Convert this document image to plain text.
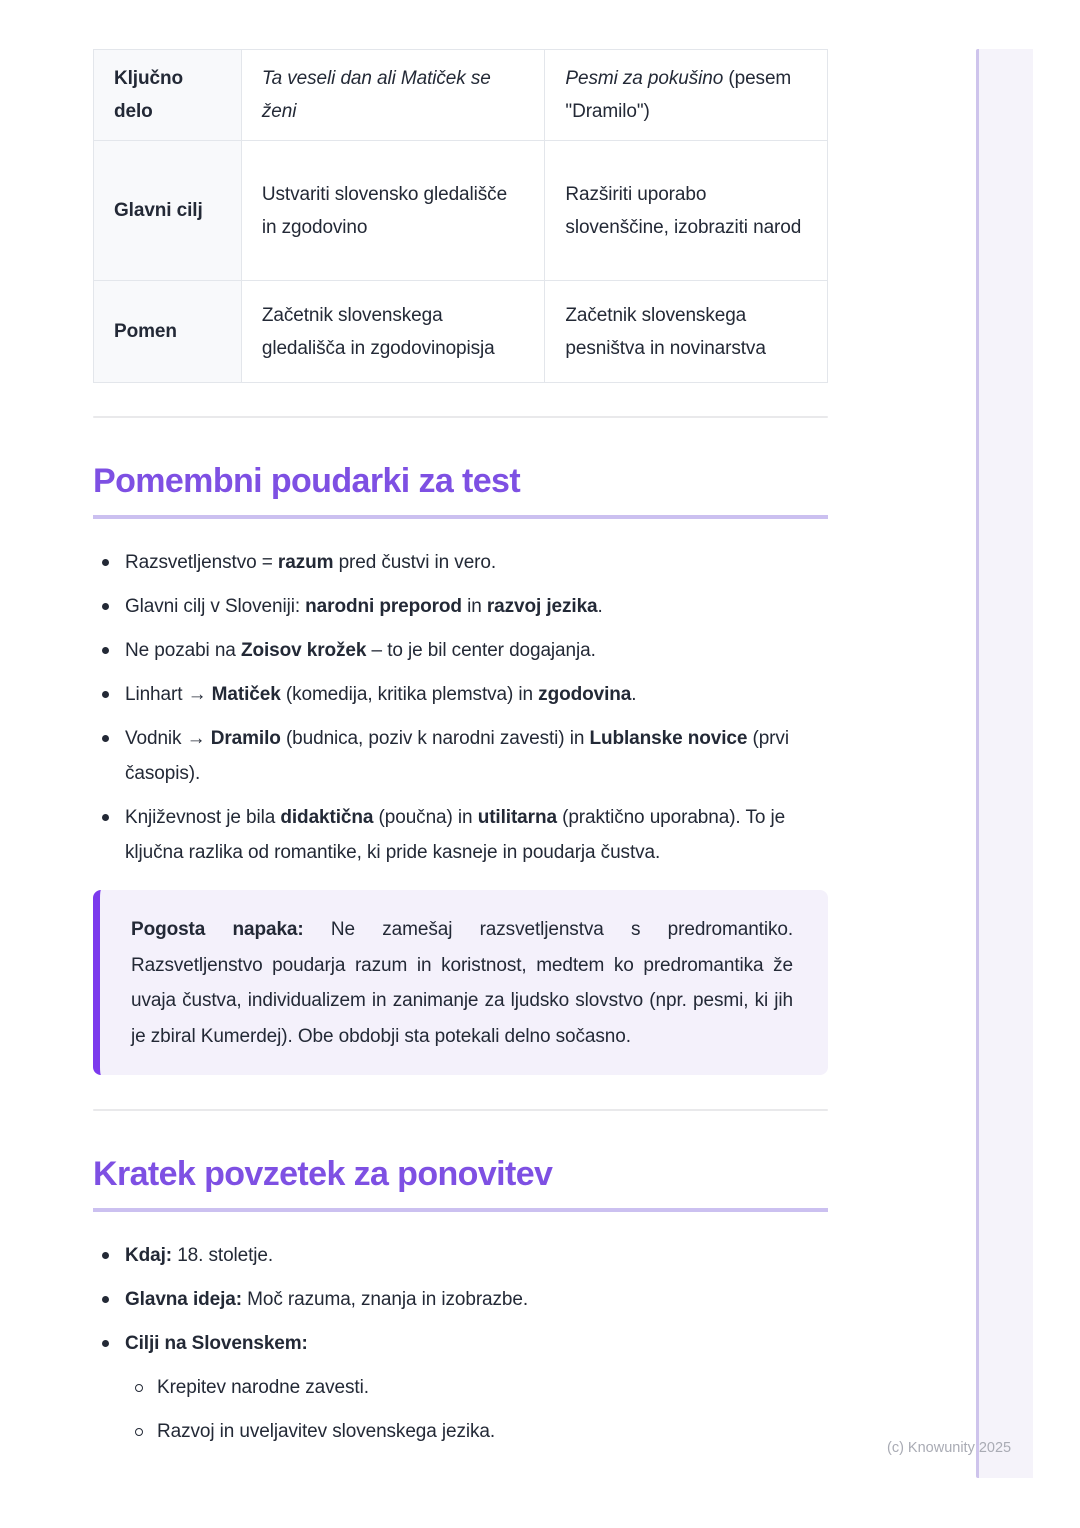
Ključno delo	Ta veseli dan ali Matiček se ženi	Pesmi za pokušino (pesem "Dramilo")
Glavni cilj	Ustvariti slovensko gledališče in zgodovino	Razširiti uporabo slovenščine, izobraziti narod
Pomen	Začetnik slovenskega gledališča in zgodovinopisja	Začetnik slovenskega pesništva in novinarstva
Pomembni poudarki za test
Razsvetljenstvo = razum pred čustvi in vero.
Glavni cilj v Sloveniji: narodni preporod in razvoj jezika.
Ne pozabi na Zoisov krožek – to je bil center dogajanja.
Linhart → Matiček (komedija, kritika plemstva) in zgodovina.
Vodnik → Dramilo (budnica, poziv k narodni zavesti) in Lublanske novice (prvi časopis).
Književnost je bila didaktična (poučna) in utilitarna (praktično uporabna). To je ključna razlika od romantike, ki pride kasneje in poudarja čustva.
Pogosta napaka: Ne zamešaj razsvetljenstva s predromantiko. Razsvetljenstvo poudarja razum in koristnost, medtem ko predromantika že uvaja čustva, individualizem in zanimanje za ljudsko slovstvo (npr. pesmi, ki jih je zbiral Kumerdej). Obe obdobji sta potekali delno sočasno.
Kratek povzetek za ponovitev
Kdaj: 18. stoletje.
Glavna ideja: Moč razuma, znanja in izobrazbe.
Cilji na Slovenskem:
Krepitev narodne zavesti.
Razvoj in uveljavitev slovenskega jezika.
(c) Knowunity 2025
